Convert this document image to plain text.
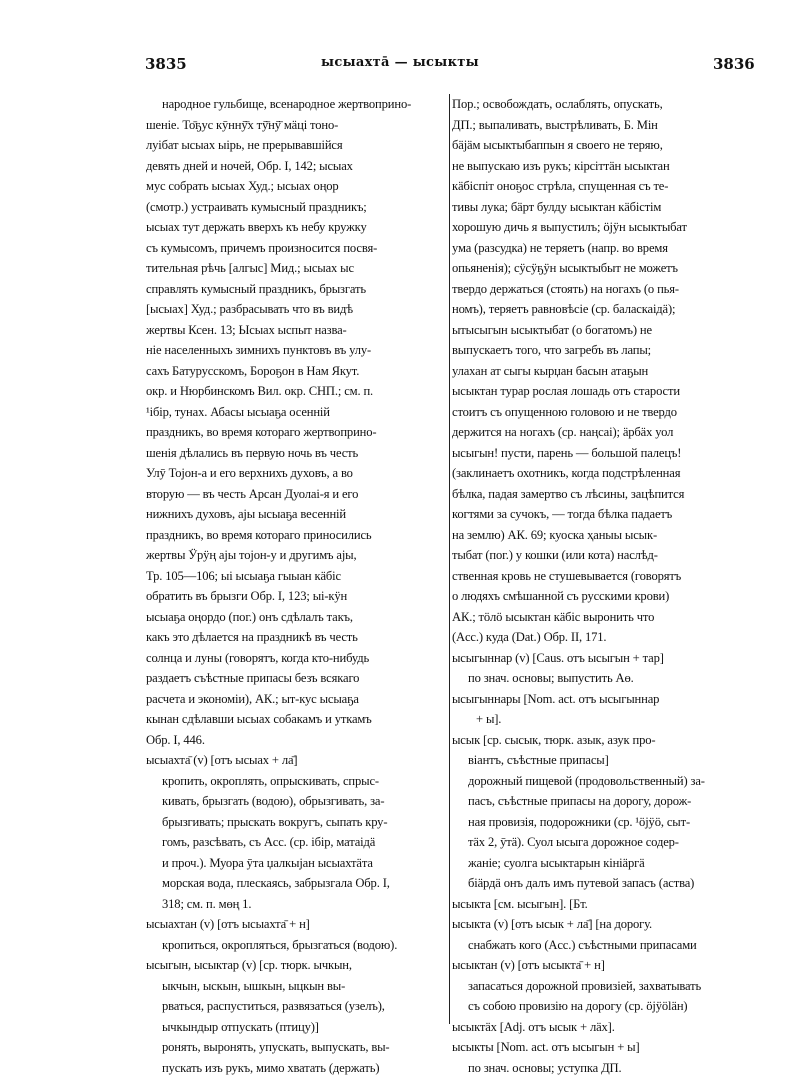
3835	ысыахта̄ — ысыкты	3836
народное гульбище, всенародное жертвоприно-
шеніе. То̄ҕус кӯннӯ̄х тӯ̄нӯ̄ мӓцi тоно-
луібат ысыах ыiрь, не прерывавшійся
девять дней и ночей, Обр. I, 142; ысыах
мус собрать ысыах Худ.; ысыах оңор
(смотр.) устраивать кумысный праздникъ;
ысыах тут держать вверхъ къ небу кружку
съ кумысомъ, причемъ произносится посвя-
тительная рѣчь [алгыс] Мид.; ысыах ыс
справлять кумысный праздникъ, брызгать
[ысыах] Худ.; разбрасывать что въ видѣ
жертвы Ксен. 13; Ысыах ыспыт назва-
ніе населенныхъ зимнихъ пунктовъ въ улу-
сахъ Батурусскомъ, Бороҕон в Нам Якут.
окр. и Нюрбинскомъ Вил. окр. СНП.; см. п.
¹ібір, тунах. Абасы ысыаҕа осенній
праздникъ, во время котораго жертвоприно-
шенія дѣлались въ первую ночь въ честь
Улӯ Тојон-а и его верхнихъ духовъ, а во
вторую — въ честь Арсан Дуолаі-я и его
нижнихъ духовъ, ајы ысыаҕа весенній
праздникъ, во время котораго приносились
жертвы Ӱрӱң ајы тојон-у и другимъ ајы,
Тр. 105—106; ыі ысыаҕа гыыан кӓбiс
обратить въ брызги Обр. I, 123; ыі-кӱн
ысыаҕа оңордо (пог.) онъ сдѣлалъ такъ,
какъ это дѣлается на праздникѣ въ честь
солнца и луны (говорятъ, когда кто-нибудь
раздаетъ съѣстные припасы безъ всякаго
расчета и экономіи), АК.; ыт-кус ысыаҕа
кынан сдѣлавши ысыах собакамъ и уткамъ
Обр. I, 446.
ысыахта̄ (v) [отъ ысыах + ла̄]
кропить, окроплять, опрыскивать, спрыс-
кивать, брызгать (водою), обрызгивать, за-
брызгивать; прыскать вокругъ, сыпать кру-
гомъ, разсѣвать, съ Acc. (ср. ібір, матаідӓ
и проч.). Муора ӯта џалкыјан ысыахтӓта
морская вода, плескаясь, забрызгала Обр. I,
318; см. п. мөң 1.
ысыахтан (v) [отъ ысыахта̄ + н]
кропиться, окропляться, брызгаться (водою).
ысыгын, ысыктар (v) [ср. тюрк. ычкын,
ыкчын, ыскын, ышкын, ыцкын вы-
рваться, распуститься, развязаться (узелъ),
ычкындыр отпускать (птицу)]
ронять, выронять, упускать, выпускать, вы-
пускать изъ рукъ, мимо хватать (держать)
Пор.; освобождать, ослаблять, опускать,
ДП.; выпаливать, выстрѣливать, Б. Мін
бӓјӓм ысыктыбаппын я своего не теряю,
не выпускаю изъ рукъ; кірсіттӓн ысыктан
кӓбіспіт оноҕос стрѣла, спущенная съ те-
тивы лука; бӓрт булду ысыктан кӓбістім
хорошую дичь я выпустилъ; ӧјӱн ысыктыбат
ума (разсудка) не теряетъ (напр. во время
опьяненія); сӱсӱҕӱн ысыктыбыт не можетъ
твердо держаться (стоять) на ногахъ (о пья-
номъ), теряетъ равновѣсіе (ср. баласкаідӓ);
ытысыгын ысыктыбат (о богатомъ) не
выпускаетъ того, что загребъ въ лапы;
улахан ат сыгы кырџан басын атаҕын
ысыктан турар рослая лошадь отъ старости
стоитъ съ опущенною головою и не твердо
держится на ногахъ (ср. наңсаі); ӓрбӓх уол
ысыгын! пусти, парень — большой палецъ!
(заклинаетъ охотникъ, когда подстрѣленная
бѣлка, падая замертво съ лѣсины, зацѣпится
когтями за сучокъ, — тогда бѣлка падаетъ
на землю) АК. 69; куоска ҳаныы ысык-
тыбат (пог.) у кошки (или кота) наслѣд-
ственная кровь не стушевывается (говорятъ
о людяхъ смѣшанной съ русскими крови)
АК.; тӧлӧ ысыктан кӓбіс выронить что
(Acc.) куда (Dat.) Обр. II, 171.
ысыгыннар (v) [Caus. отъ ысыгын + тар]
по знач. основы; выпустить Аө.
ысыгыннары [Nom. act. отъ ысыгыннар
+ ы].
ысык [ср. сысык, тюрк. азык, азук про-
віантъ, съѣстные припасы]
дорожный пищевой (продовольственный) за-
пасъ, съѣстные припасы на дорогу, дорож-
ная провизія, подорожники (ср. ¹öјӱӧ, сыт-
тӓх 2, ӯтӓ). Суол ысыга дорожное содер-
жаніе; суолга ысыктарын кініӓргӓ
біӓрдӓ онъ далъ имъ путевой запасъ (аства)
ысыкта [см. ысыгын]. [Бт.
ысыкта (v) [отъ ысык + ла̄] [на дорогу.
снабжать кого (Acc.) съѣстными припасами
ысыктан (v) [отъ ысыкта̄ + н]
запасаться дорожной провизіей, захватывать
съ собою провизію на дорогу (ср. ӧјӱӧlӓн)
ысыктӓх [Adj. отъ ысык + лӓх].
ысыкты [Nom. act. отъ ысыгын + ы]
по знач. основы; уступка ДП.
